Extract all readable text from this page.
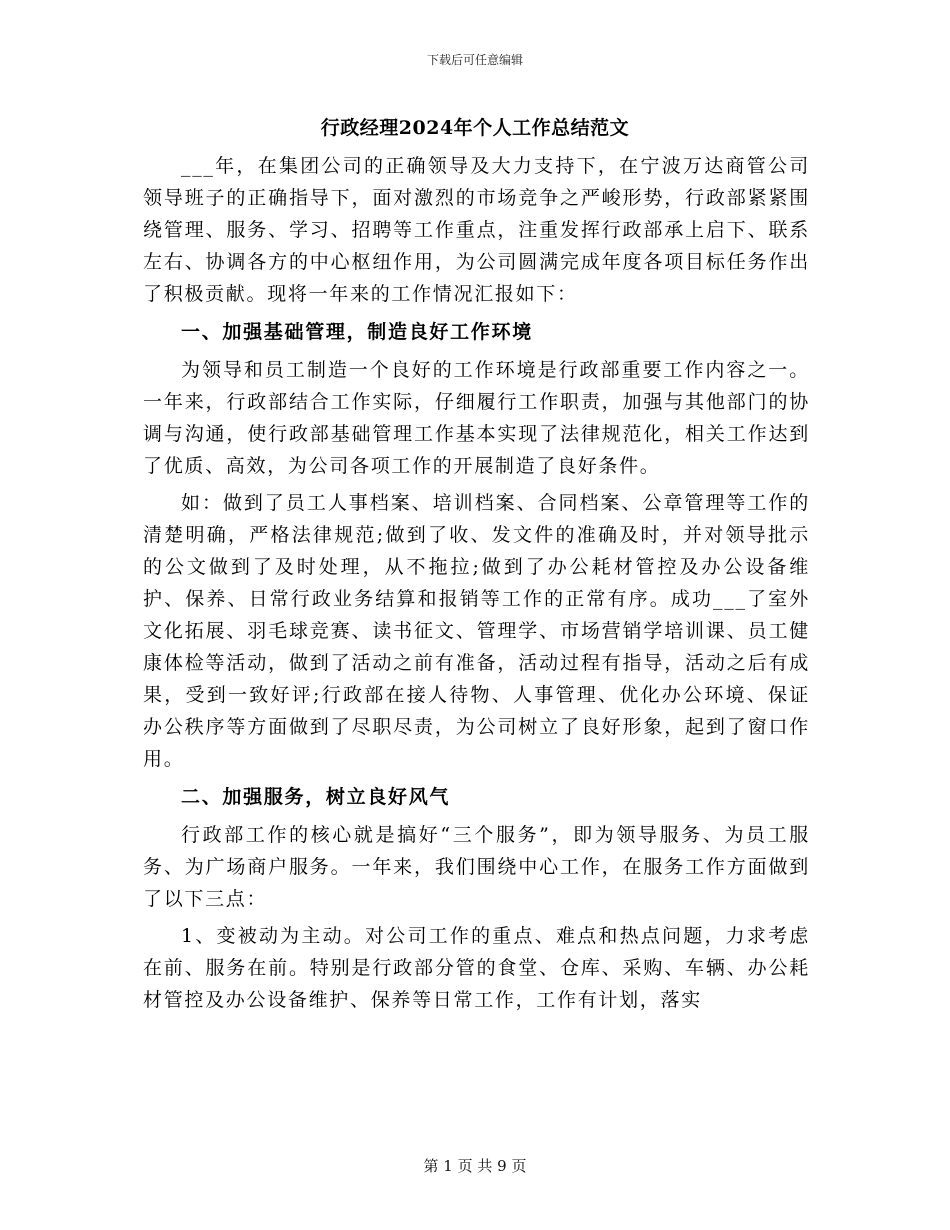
下载后可任意编辑
行政经理2024年个人工作总结范文

___年，在集团公司的正确领导及大力支持下，在宁波万达商管公司领导班子的正确指导下，面对激烈的市场竞争之严峻形势，行政部紧紧围绕管理、服务、学习、招聘等工作重点，注重发挥行政部承上启下、联系左右、协调各方的中心枢纽作用，为公司圆满完成年度各项目标任务作出了积极贡献。现将一年来的工作情况汇报如下：

一、加强基础管理，制造良好工作环境

为领导和员工制造一个良好的工作环境是行政部重要工作内容之一。一年来，行政部结合工作实际，仔细履行工作职责，加强与其他部门的协调与沟通，使行政部基础管理工作基本实现了法律规范化，相关工作达到了优质、高效，为公司各项工作的开展制造了良好条件。

如：做到了员工人事档案、培训档案、合同档案、公章管理等工作的清楚明确，严格法律规范;做到了收、发文件的准确及时，并对领导批示的公文做到了及时处理，从不拖拉;做到了办公耗材管控及办公设备维护、保养、日常行政业务结算和报销等工作的正常有序。成功___了室外文化拓展、羽毛球竞赛、读书征文、管理学、市场营销学培训课、员工健康体检等活动，做到了活动之前有准备，活动过程有指导，活动之后有成果，受到一致好评;行政部在接人待物、人事管理、优化办公环境、保证办公秩序等方面做到了尽职尽责，为公司树立了良好形象，起到了窗口作用。

二、加强服务，树立良好风气

行政部工作的核心就是搞好“三个服务”，即为领导服务、为员工服务、为广场商户服务。一年来，我们围绕中心工作，在服务工作方面做到了以下三点：

1、变被动为主动。对公司工作的重点、难点和热点问题，力求考虑在前、服务在前。特别是行政部分管的食堂、仓库、采购、车辆、办公耗材管控及办公设备维护、保养等日常工作，工作有计划，落实

第 1 页 共 9 页
